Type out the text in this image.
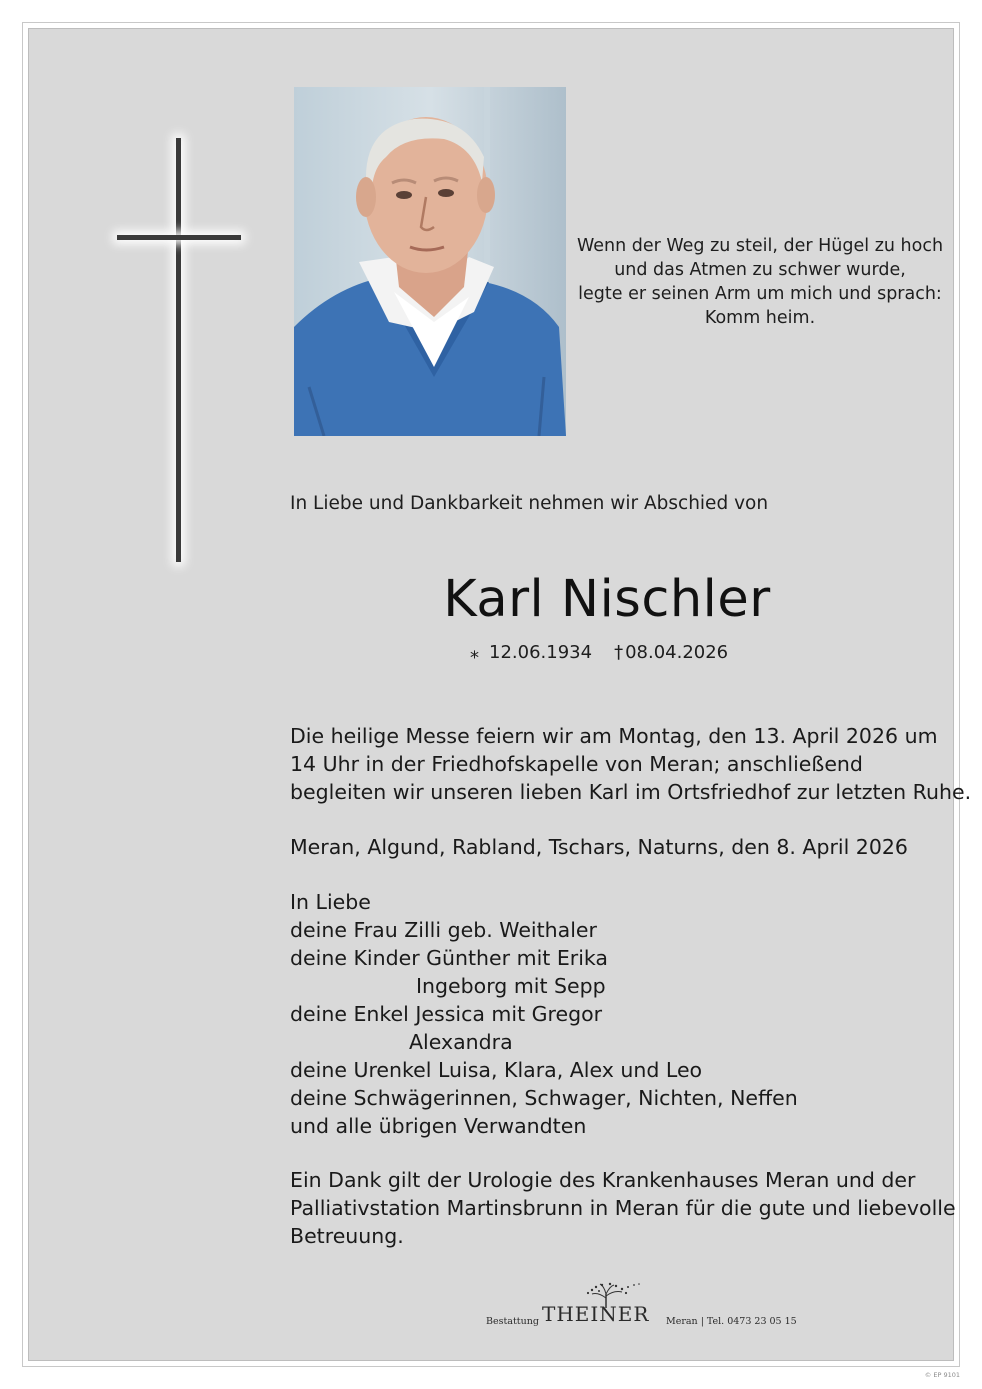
Wenn der Weg zu steil, der Hügel zu hoch
und das Atmen zu schwer wurde,
legte er seinen Arm um mich und sprach:
Komm heim.
In Liebe und Dankbarkeit nehmen wir Abschied von
Karl Nischler
⁎ 12.06.1934 † 08.04.2026
Die heilige Messe feiern wir am Montag, den 13. April 2026 um
14 Uhr in der Friedhofskapelle von Meran; anschließend
begleiten wir unseren lieben Karl im Ortsfriedhof zur letzten Ruhe.
Meran, Algund, Rabland, Tschars, Naturns, den 8. April 2026
In Liebe
deine Frau Zilli geb. Weithaler
deine Kinder Günther mit Erika
Ingeborg mit Sepp
deine Enkel Jessica mit Gregor
Alexandra
deine Urenkel Luisa, Klara, Alex und Leo
deine Schwägerinnen, Schwager, Nichten, Neffen
und alle übrigen Verwandten
Ein Dank gilt der Urologie des Krankenhauses Meran und der
Palliativstation Martinsbrunn in Meran für die gute und liebevolle
Betreuung.
Bestattung THEINER Meran | Tel. 0473 23 05 15
© EP 9101
